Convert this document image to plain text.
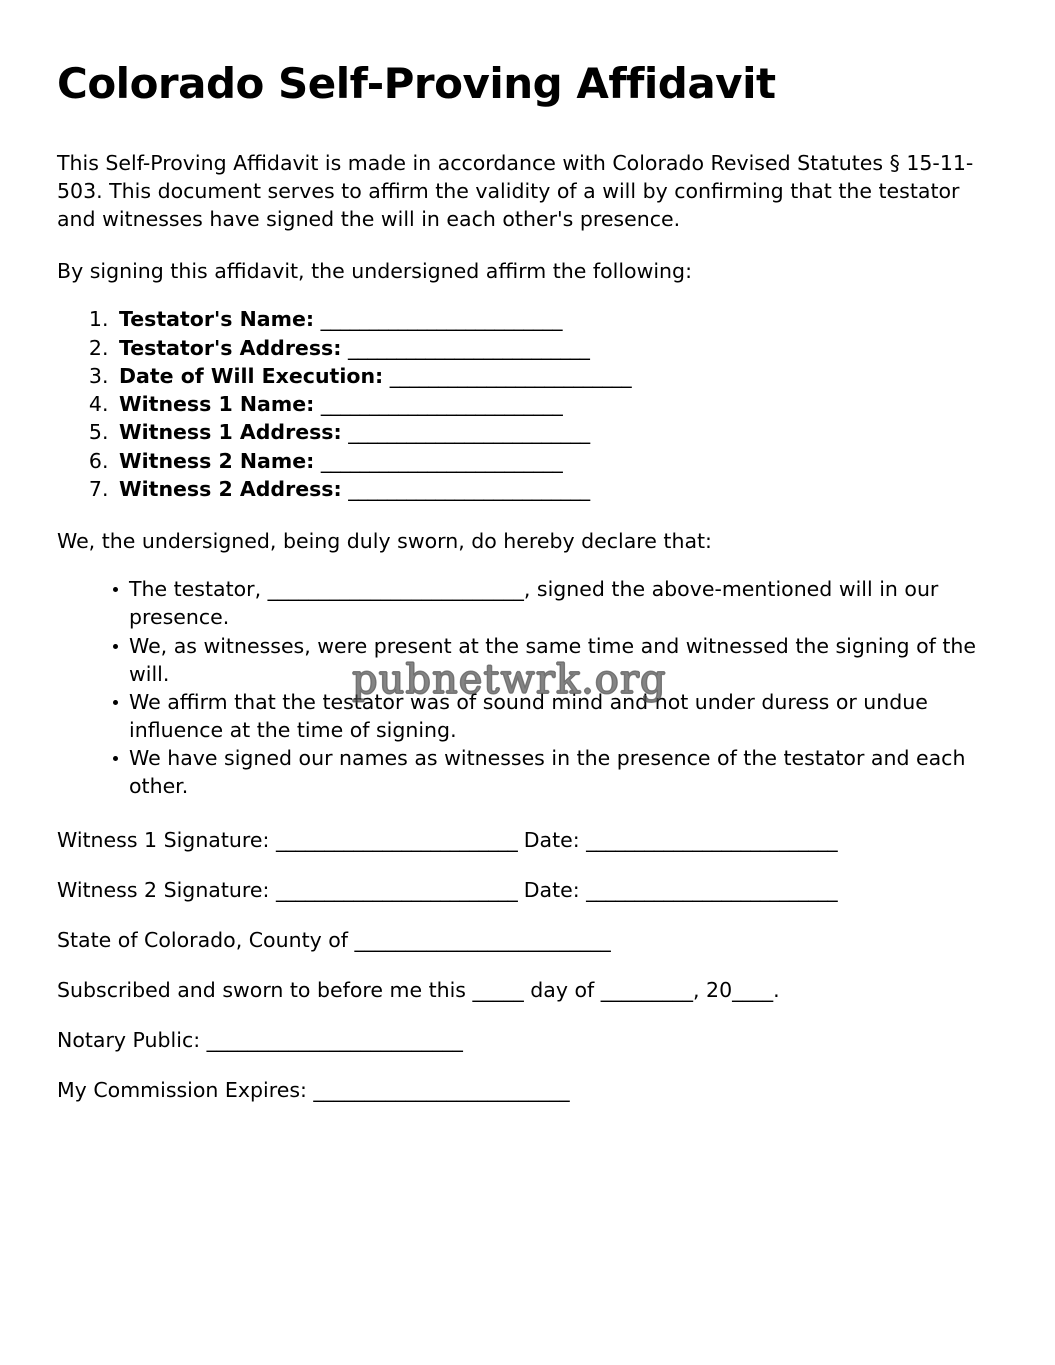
Colorado Self-Proving Affidavit

This Self-Proving Affidavit is made in accordance with Colorado Revised Statutes § 15-11-503. This document serves to affirm the validity of a will by confirming that the testator and witnesses have signed the will in each other's presence.

By signing this affidavit, the undersigned affirm the following:

1. Testator's Name: _________________________
2. Testator's Address: _________________________
3. Date of Will Execution: _________________________
4. Witness 1 Name: _________________________
5. Witness 1 Address: _________________________
6. Witness 2 Name: _________________________
7. Witness 2 Address: _________________________

We, the undersigned, being duly sworn, do hereby declare that:

The testator, _________________________, signed the above-mentioned will in our presence.
We, as witnesses, were present at the same time and witnessed the signing of the will.
We affirm that the testator was of sound mind and not under duress or undue influence at the time of signing.
We have signed our names as witnesses in the presence of the testator and each other.

Witness 1 Signature: _________________________ Date: __________________________

Witness 2 Signature: _________________________ Date: __________________________

State of Colorado, County of _________________________

Subscribed and sworn to before me this _____ day of _________, 20____.

Notary Public: _________________________

My Commission Expires: _________________________

pubnetwrk.org
